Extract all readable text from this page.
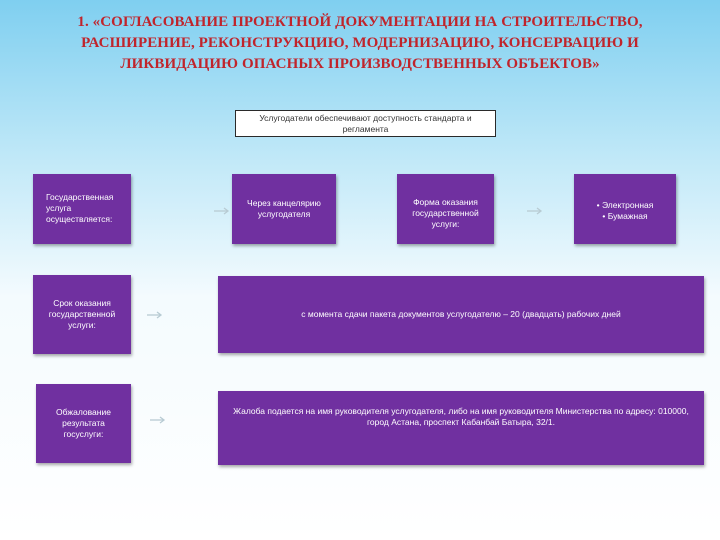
1. «СОГЛАСОВАНИЕ ПРОЕКТНОЙ ДОКУМЕНТАЦИИ НА СТРОИТЕЛЬСТВО,
РАСШИРЕНИЕ, РЕКОНСТРУКЦИЮ, МОДЕРНИЗАЦИЮ, КОНСЕРВАЦИЮ И
ЛИКВИДАЦИЮ ОПАСНЫХ ПРОИЗВОДСТВЕННЫХ ОБЪЕКТОВ»
Услугодатели обеспечивают доступность стандарта и регламента
Государственная услуга осуществляется:
Через канцелярию услугодателя
Форма оказания государственной услуги:
• Электронная
• Бумажная
Срок оказания государственной услуги:
с момента сдачи пакета документов услугодателю – 20 (двадцать) рабочих дней
Обжалование результата госуслуги:
Жалоба подается на имя руководителя услугодателя, либо на имя руководителя Министерства по адресу: 010000, город Астана, проспект Кабанбай Батыра, 32/1.
